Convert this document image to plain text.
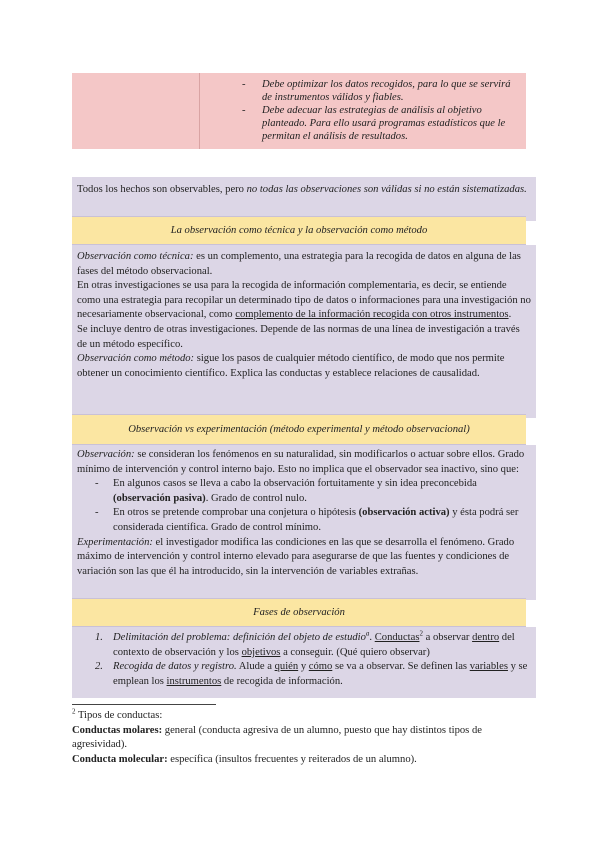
- Debe optimizar los datos recogidos, para lo que se servirá de instrumentos válidos y fiables.
- Debe adecuar las estrategias de análisis al objetivo planteado. Para ello usará programas estadísticos que le permitan el análisis de resultados.
Todos los hechos son observables, pero no todas las observaciones son válidas si no están sistematizadas.
La observación como técnica y la observación como método
Observación como técnica: es un complemento, una estrategia para la recogida de datos en alguna de las fases del método observacional.
En otras investigaciones se usa para la recogida de información complementaria, es decir, se entiende como una estrategia para recopilar un determinado tipo de datos o informaciones para una investigación no necesariamente observacional, como complemento de la información recogida con otros instrumentos.
Se incluye dentro de otras investigaciones. Depende de las normas de una línea de investigación a través de un método específico.
Observación como método: sigue los pasos de cualquier método científico, de modo que nos permite obtener un conocimiento científico. Explica las conductas y establece relaciones de causalidad.
Observación vs experimentación (método experimental y método observacional)
Observación: se consideran los fenómenos en su naturalidad, sin modificarlos o actuar sobre ellos. Grado mínimo de intervención y control interno bajo. Esto no implica que el observador sea inactivo, sino que:
- En algunos casos se lleva a cabo la observación fortuitamente y sin idea preconcebida (observación pasiva). Grado de control nulo.
- En otros se pretende comprobar una conjetura o hipótesis (observación activa) y ésta podrá ser considerada científica. Grado de control mínimo.
Experimentación: el investigador modifica las condiciones en las que se desarrolla el fenómeno. Grado máximo de intervención y control interno elevado para asegurarse de que las fuentes y condiciones de variación son las que él ha introducido, sin la intervención de variables extrañas.
Fases de observación
1. Delimitación del problema: definición del objeto de estudio$^a$. Conductas$^2$ a observar dentro del contexto de observación y los objetivos a conseguir. (Qué quiero observar)
2. Recogida de datos y registro. Alude a quién y cómo se va a observar. Se definen las variables y se emplean los instrumentos de recogida de información.
$^2$ Tipos de conductas:
Conductas molares: general (conducta agresiva de un alumno, puesto que hay distintos tipos de agresividad).
Conducta molecular: específica (insultos frecuentes y reiterados de un alumno).
